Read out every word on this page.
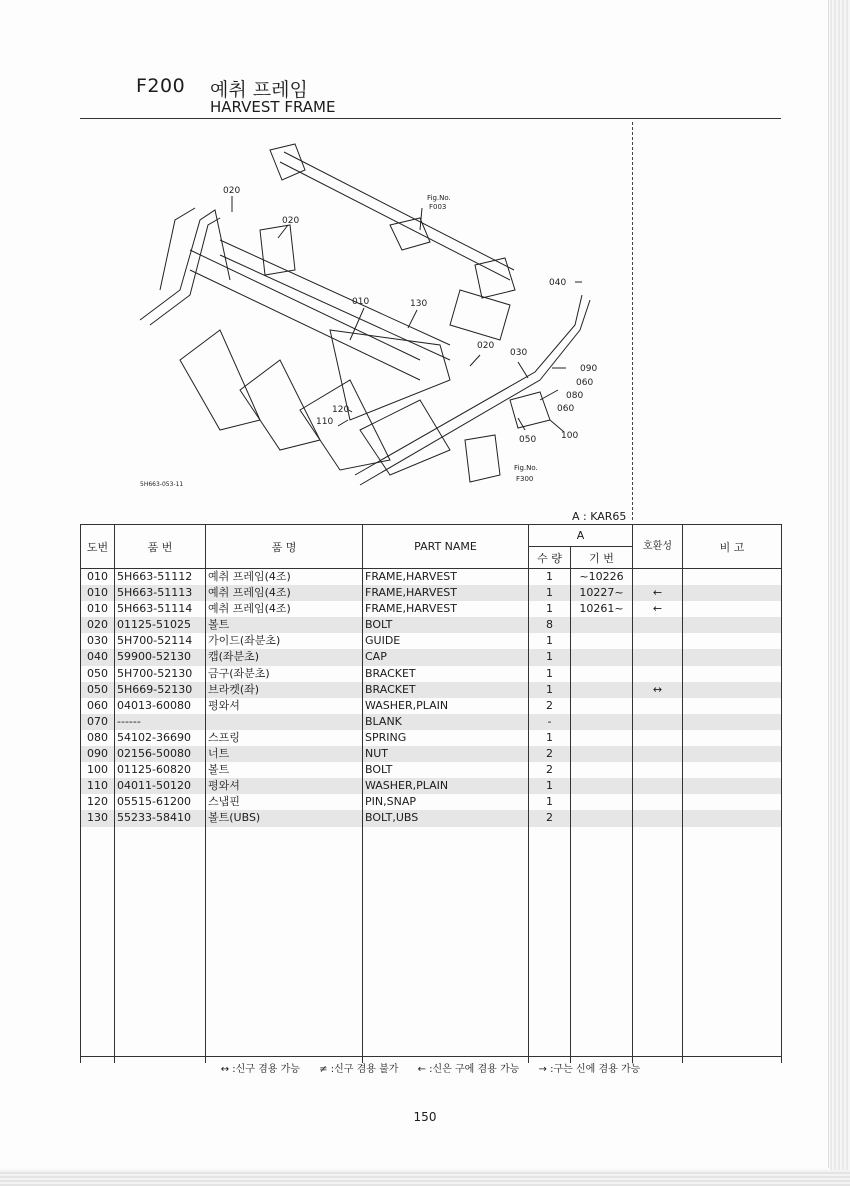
F200 예취 프레임
HARVEST FRAME
020
020
010	130
020
030
040
090
060
080
060
120
110
050	100
Fig.No.
F003
Fig.No.
F300
5H663-053-11
A : KAR65
도번	품 번	품 명	PART NAME	A		호환성	비 고
				수 량	기 번		
010	5H663-51112	예취 프레임(4조)	FRAME,HARVEST	1	~10226		
010	5H663-51113	예취 프레임(4조)	FRAME,HARVEST	1	10227~	←	
010	5H663-51114	예취 프레임(4조)	FRAME,HARVEST	1	10261~	←	
020	01125-51025	볼트	BOLT	8			
030	5H700-52114	가이드(좌분초)	GUIDE	1			
040	59900-52130	캡(좌분초)	CAP	1			
050	5H700-52130	금구(좌분초)	BRACKET	1			
050	5H669-52130	브라켓(좌)	BRACKET	1		↔	
060	04013-60080	평와셔	WASHER,PLAIN	2			
070	------		BLANK	-			
080	54102-36690	스프링	SPRING	1			
090	02156-50080	너트	NUT	2			
100	01125-60820	볼트	BOLT	2			
110	04011-50120	평와셔	WASHER,PLAIN	1			
120	05515-61200	스냅핀	PIN,SNAP	1			
130	55233-58410	볼트(UBS)	BOLT,UBS	2			

↔ :신구 겸용 가능 ≠ :신구 겸용 불가 ← :신은 구에 겸용 가능 → :구는 신에 겸용 가능
150
